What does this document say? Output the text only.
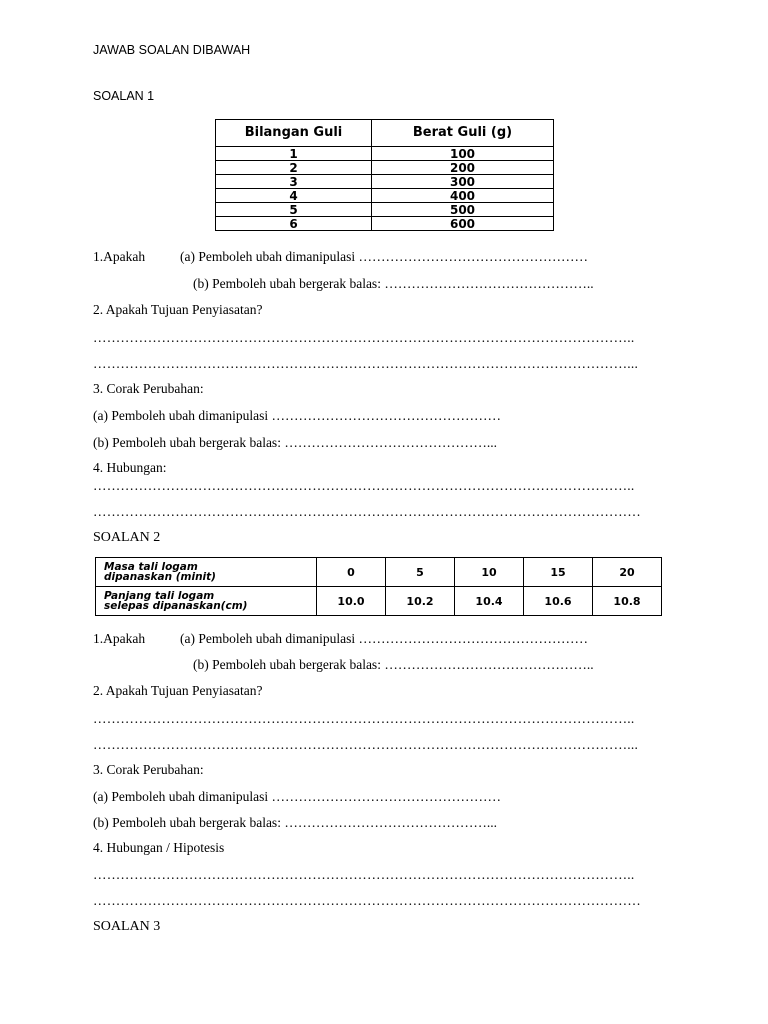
JAWAB SOALAN DIBAWAH
SOALAN 1
Bilangan Guli	Berat Guli (g)
1	100
2	200
3	300
4	400
5	500
6	600
1.Apakah	(a) Pemboleh ubah dimanipulasi ……………………………………………
(b) Pemboleh ubah bergerak balas: ………………………………………..
2. Apakah Tujuan Penyiasatan?
………………………………………………………………………………………………………..
………………………………………………………………………………………………………...
3. Corak Perubahan:
(a) Pemboleh ubah dimanipulasi ……………………………………………
(b) Pemboleh ubah bergerak balas: ………………………………………...
4. Hubungan:
………………………………………………………………………………………………………..
…………………………………………………………………………………………………………
SOALAN 2
Masa tali logam
dipanaskan (minit)	0	5	10	15	20

Panjang tali logam
selepas dipanaskan(cm)	10.0	10.2	10.4	10.6	10.8
1.Apakah	(a) Pemboleh ubah dimanipulasi ……………………………………………
(b) Pemboleh ubah bergerak balas: ………………………………………..
2. Apakah Tujuan Penyiasatan?
………………………………………………………………………………………………………..
………………………………………………………………………………………………………...
3. Corak Perubahan:
(a) Pemboleh ubah dimanipulasi ……………………………………………
(b) Pemboleh ubah bergerak balas: ………………………………………...
4. Hubungan / Hipotesis
………………………………………………………………………………………………………..
…………………………………………………………………………………………………………
SOALAN 3
